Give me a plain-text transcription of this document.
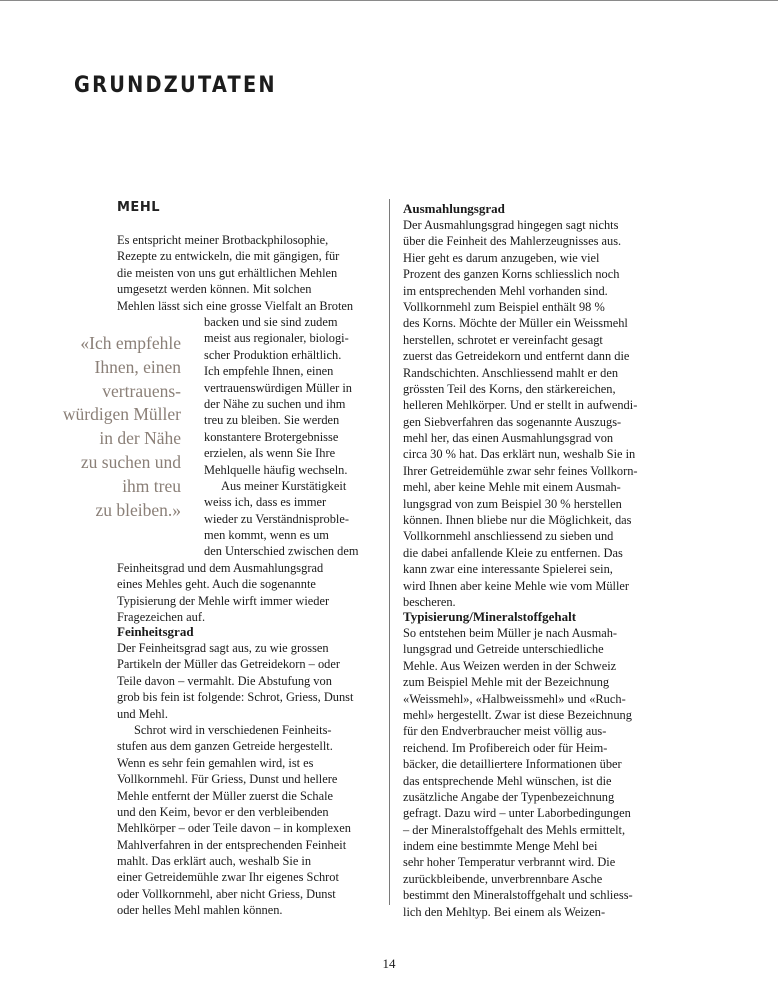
GRUNDZUTATEN
MEHL
Es entspricht meiner Brotbackphilosophie,
Rezepte zu entwickeln, die mit gängigen, für
die meisten von uns gut erhältlichen Mehlen
umgesetzt werden können. Mit solchen
Mehlen lässt sich eine grosse Vielfalt an Broten
backen und sie sind zudem
meist aus regionaler, biologi-
scher Produktion erhältlich.
Ich empfehle Ihnen, einen
vertrauenswürdigen Müller in
der Nähe zu suchen und ihm
treu zu bleiben. Sie werden
konstantere Brotergebnisse
erzielen, als wenn Sie Ihre
Mehlquelle häufig wechseln.
Aus meiner Kurstätigkeit
weiss ich, dass es immer
wieder zu Verständnisproble-
men kommt, wenn es um
den Unterschied zwischen dem
Feinheitsgrad und dem Ausmahlungsgrad
eines Mehles geht. Auch die sogenannte
Typisierung der Mehle wirft immer wieder
Fragezeichen auf.
«Ich empfehle
Ihnen, einen
vertrauens-
würdigen Müller
in der Nähe
zu suchen und
ihm treu
zu bleiben.»
Feinheitsgrad
Der Feinheitsgrad sagt aus, zu wie grossen
Partikeln der Müller das Getreidekorn – oder
Teile davon – vermahlt. Die Abstufung von
grob bis fein ist folgende: Schrot, Griess, Dunst
und Mehl.
Schrot wird in verschiedenen Feinheits-
stufen aus dem ganzen Getreide hergestellt.
Wenn es sehr fein gemahlen wird, ist es
Vollkornmehl. Für Griess, Dunst und hellere
Mehle entfernt der Müller zuerst die Schale
und den Keim, bevor er den verbleibenden
Mehlkörper – oder Teile davon – in komplexen
Mahlverfahren in der entsprechenden Feinheit
mahlt. Das erklärt auch, weshalb Sie in
einer Getreidemühle zwar Ihr eigenes Schrot
oder Vollkornmehl, aber nicht Griess, Dunst
oder helles Mehl mahlen können.
Ausmahlungsgrad
Der Ausmahlungsgrad hingegen sagt nichts
über die Feinheit des Mahlerzeugnisses aus.
Hier geht es darum anzugeben, wie viel
Prozent des ganzen Korns schliesslich noch
im entsprechenden Mehl vorhanden sind.
Vollkornmehl zum Beispiel enthält 98 %
des Korns. Möchte der Müller ein Weissmehl
herstellen, schrotet er vereinfacht gesagt
zuerst das Getreidekorn und entfernt dann die
Randschichten. Anschliessend mahlt er den
grössten Teil des Korns, den stärkereichen,
helleren Mehlkörper. Und er stellt in aufwendi-
gen Siebverfahren das sogenannte Auszugs-
mehl her, das einen Ausmahlungsgrad von
circa 30 % hat. Das erklärt nun, weshalb Sie in
Ihrer Getreidemühle zwar sehr feines Vollkorn-
mehl, aber keine Mehle mit einem Ausmah-
lungsgrad von zum Beispiel 30 % herstellen
können. Ihnen bliebe nur die Möglichkeit, das
Vollkornmehl anschliessend zu sieben und
die dabei anfallende Kleie zu entfernen. Das
kann zwar eine interessante Spielerei sein,
wird Ihnen aber keine Mehle wie vom Müller
bescheren.
Typisierung/Mineralstoffgehalt
So entstehen beim Müller je nach Ausmah-
lungsgrad und Getreide unterschiedliche
Mehle. Aus Weizen werden in der Schweiz
zum Beispiel Mehle mit der Bezeichnung
«Weissmehl», «Halbweissmehl» und «Ruch-
mehl» hergestellt. Zwar ist diese Bezeichnung
für den Endverbraucher meist völlig aus-
reichend. Im Profibereich oder für Heim-
bäcker, die detailliertere Informationen über
das entsprechende Mehl wünschen, ist die
zusätzliche Angabe der Typenbezeichnung
gefragt. Dazu wird – unter Laborbedingungen
– der Mineralstoffgehalt des Mehls ermittelt,
indem eine bestimmte Menge Mehl bei
sehr hoher Temperatur verbrannt wird. Die
zurückbleibende, unverbrennbare Asche
bestimmt den Mineralstoffgehalt und schliess-
lich den Mehltyp. Bei einem als Weizen-
14
